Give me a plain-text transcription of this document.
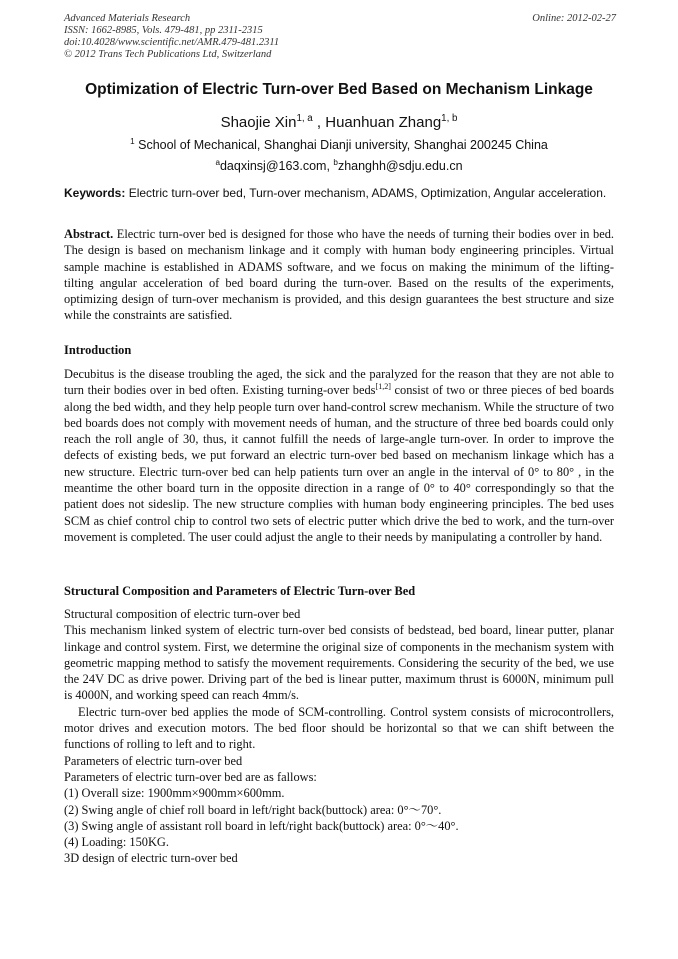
Advanced Materials Research
ISSN: 1662-8985, Vols. 479-481, pp 2311-2315
doi:10.4028/www.scientific.net/AMR.479-481.2311
© 2012 Trans Tech Publications Ltd, Switzerland
Online: 2012-02-27
Optimization of Electric Turn-over Bed Based on Mechanism Linkage
Shaojie Xin$^{1, a}$ , Huanhuan Zhang$^{1, b}$
$^1$ School of Mechanical, Shanghai Dianji university, Shanghai 200245 China
$^a$daqxinsj@163.com, $^b$zhanghh@sdju.edu.cn
Keywords: Electric turn-over bed, Turn-over mechanism, ADAMS, Optimization, Angular acceleration.
Abstract. Electric turn-over bed is designed for those who have the needs of turning their bodies over in bed. The design is based on mechanism linkage and it comply with human body engineering principles. Virtual sample machine is established in ADAMS software, and we focus on making the minimum of the lifting-tilting angular acceleration of bed board during the turn-over. Based on the results of the experiments, optimizing design of turn-over mechanism is provided, and this design guarantees the best structure and size while the constraints are satisfied.
Introduction
Decubitus is the disease troubling the aged, the sick and the paralyzed for the reason that they are not able to turn their bodies over in bed often. Existing turning-over beds[1,2] consist of two or three pieces of bed boards along the bed width, and they help people turn over hand-control screw mechanism. While the structure of two bed boards does not comply with movement needs of human, and the structure of three bed boards could only reach the roll angle of 30, thus, it cannot fulfill the needs of large-angle turn-over. In order to improve the defects of existing beds, we put forward an electric turn-over bed based on mechanism linkage which has a new structure. Electric turn-over bed can help patients turn over an angle in the interval of 0° to 80° , in the meantime the other board turn in the opposite direction in a range of 0° to 40° correspondingly so that the patient does not sideslip. The new structure complies with human body engineering principles. The bed uses SCM as chief control chip to control two sets of electric putter which drive the bed to work, and the turn-over movement is completed. The user could adjust the angle to their needs by manipulating a controller by hand.
Structural Composition and Parameters of Electric Turn-over Bed

Structural composition of electric turn-over bed

This mechanism linked system of electric turn-over bed consists of bedstead, bed board, linear putter, planar linkage and control system. First, we determine the original size of components in the mechanism system with geometric mapping method to satisfy the movement requirements. Considering the security of the bed, we use the 24V DC as drive power. Driving part of the bed is linear putter, maximum thrust is 6000N, minimum pull is 4000N, and working speed can reach 4mm/s.

Electric turn-over bed applies the mode of SCM-controlling. Control system consists of microcontrollers, motor drives and execution motors. The bed floor should be horizontal so that we can shift between the functions of rolling to left and to right.

Parameters of electric turn-over bed

Parameters of electric turn-over bed are as fallows:

(1) Overall size: 1900mm×900mm×600mm.

(2) Swing angle of chief roll board in left/right back(buttock) area: 0°～70°.

(3) Swing angle of assistant roll board in left/right back(buttock) area: 0°～40°.

(4) Loading: 150KG.

3D design of electric turn-over bed
